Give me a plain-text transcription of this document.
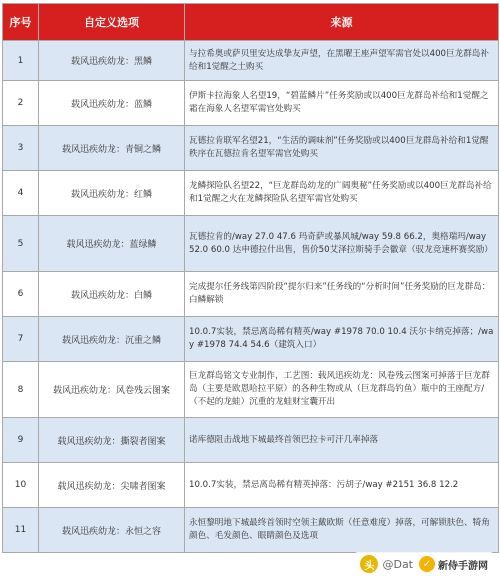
序号	自定义选项	来源
1	载风迅疾幼龙：黑鳞	与拉希奥或萨贝里安达成挚友声望，在黑曜王座声望军需官处以400巨龙群岛补给和1觉醒之土购买
2	载风迅疾幼龙：蓝鳞	伊斯卡拉海象人名望19，“碧蓝鳞片”任务奖励或以400巨龙群岛补给和1觉醒之霜在海象人名望军需官处购买
3	载风迅疾幼龙：青铜之鳞	瓦德拉肯联军名望21，“生活的调味剂”任务奖励或以400巨龙群岛补给和1觉醒秩序在瓦德拉肯名望军需官处购买
4	载风迅疾幼龙：红鳞	龙鳞探险队名望22，“巨龙群岛幼龙的广阔奥秘”任务奖励或以400巨龙群岛补给和1觉醒之火在龙鳞探险队名望军需官处购买
5	载风迅疾幼龙：蓝绿鳞	瓦德拉肯的/way 27.0 47.6 玛奇萨或暴风城/way 59.8 66.2，奥格瑞玛/way 52.0 60.0 达申德拉什出售，售价50艾泽拉斯骑手会徽章（驭龙竞速杯赛奖励）
6	载风迅疾幼龙：白鳞	完成提尔任务线第四阶段“提尔归来”任务线的“分析时间”任务奖励的巨龙群岛：白鳞解锁
7	载风迅疾幼龙：沉重之鳞	10.0.7实装，禁忌离岛稀有精英/way #1978 70.0 10.4 沃尔卡纳克掉落；/way #1978 74.4 54.6（建筑入口）
8	载风迅疾幼龙：风卷残云图案	巨龙群岛铭文专业制作，工艺图：载风迅疾幼龙：风卷残云图案可掉落于巨龙群岛（主要是欧恩哈拉平原）的各种生物或从（巨龙群岛钓鱼）瓶中的王座配方/（不起的龙蛙）沉重的龙蛙财宝囊开出
9	载风迅疾幼龙：撕裂者图案	诺库德阻击战地下城最终首领巴拉卡可汗几率掉落
10	载风迅疾幼龙：尖啸者图案	10.0.7实装，禁忌离岛稀有精英掉落：污胡子/way #2151 36.8 12.2
11	载风迅疾幼龙：永恒之容	永恒黎明地下城最终首领时空领主戴欧斯（任意难度）掉落，可解锁肤色、犄角颜色、毛发颜色、眼睛颜色及选项
头 @Dat ✓ 新侍手游网
